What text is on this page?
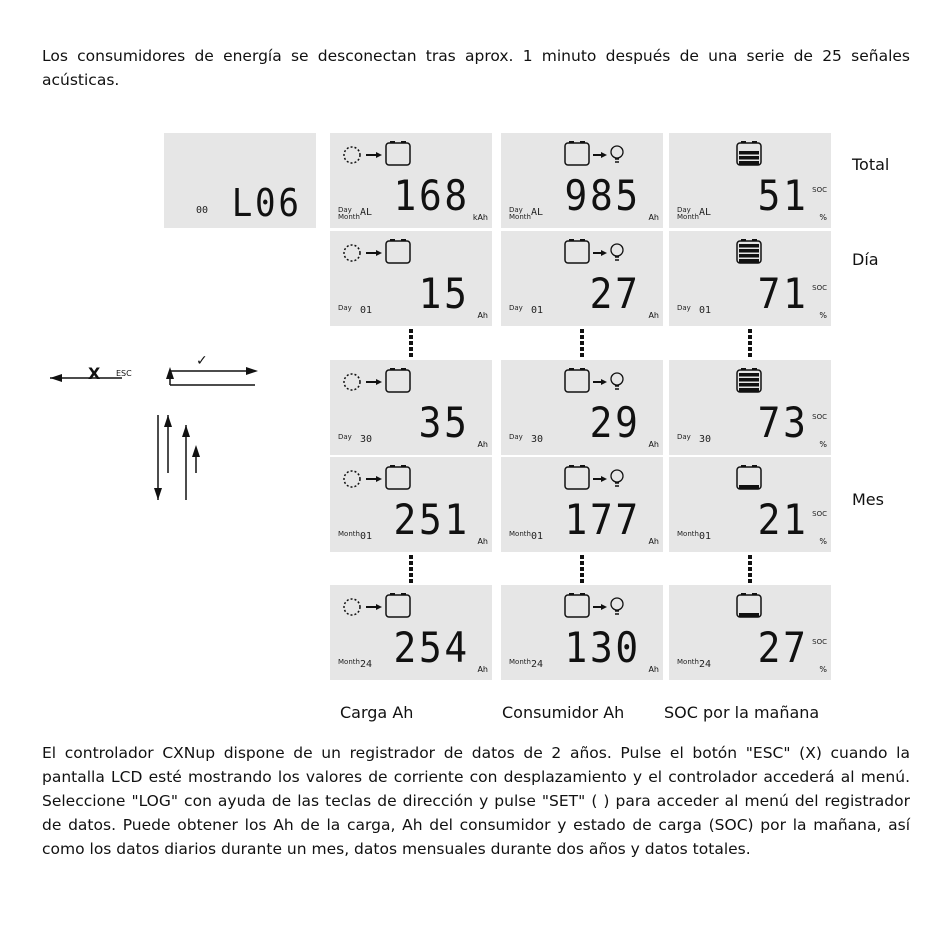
Los consumidores de energía se desconectan tras aprox. 1 minuto después de una serie de 25 señales acústicas.

00 L06
X ESC
✓
Day Month AL 168 kAh
Day Month AL 985 Ah
Day Month AL 51 %
SOC
Day 01 15 Ah
Day 01 27 Ah
Day 01 71 %
SOC
Day 30 35 Ah
Day 30 29 Ah
Day 30 73 %
SOC
Month 01 251 Ah
Month 01 177 Ah
Month 01 21 %
SOC
Month 24 254 Ah
Month 24 130 Ah
Month 24 27 %
SOC
Total
Día
Mes
Carga Ah	Consumidor Ah SOC por la mañana

El controlador CXNup dispone de un registrador de datos de 2 años. Pulse el botón "ESC" (X) cuando la pantalla LCD esté mostrando los valores de corriente con desplazamiento y el controlador accederá al menú. Seleccione "LOG" con ayuda de las teclas de dirección y pulse "SET" ( ) para acceder al menú del registrador de datos. Puede obtener los Ah de la carga, Ah del consumidor y estado de carga (SOC) por la mañana, así como los datos diarios durante un mes, datos mensuales durante dos años y datos totales.
